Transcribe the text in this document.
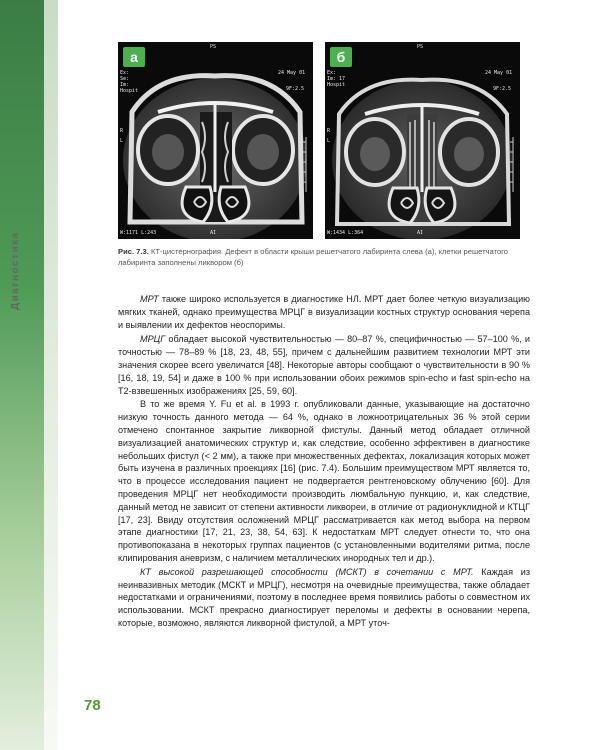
Диагностика
а
PS
Ex:
Se:
Im:
Hospit
24 May 01
9F:2.5
R
L
W:1171 L:243	AI
б
PS
Ex:
Im: 17
Hospit
24 May 01
9F:2.5
R
L
W:1434 L:364	AI
Рис. 7.3. КТ-цистернография. Дефект в области крыши решетчатого лабиринта слева (а), клетки решетчатого лабиринта заполнены ликвором (б)

МРТ также широко используется в диагностике НЛ. МРТ дает более четкую визуализацию мягких тканей, однако преимущества МРЦГ в визуализации костных структур основания черепа и выявлении их дефектов неоспоримы.

МРЦГ обладает высокой чувствительностью — 80–87 %, специфичностью — 57–100 %, и точностью — 78–89 % [18, 23, 48, 55], причем с дальнейшим развитием технологии МРТ эти значения скорее всего увеличатся [48]. Некоторые авторы сообщают о чувствительности в 90 % [16, 18, 19, 54] и даже в 100 % при использовании обоих режимов spin-echo и fast spin-echo на Т2-взвешенных изображениях [25, 59, 60].

В то же время Y. Fu et al. в 1993 г. опубликовали данные, указывающие на достаточно низкую точность данного метода — 64 %, однако в ложноотрицательных 36 % этой серии отмечено спонтанное закрытие ликворной фистулы. Данный метод обладает отличной визуализацией анатомических структур и, как следствие, особенно эффективен в диагностике небольших фистул (< 2 мм), а также при множественных дефектах, локализация которых может быть изучена в различных проекциях [16] (рис. 7.4). Большим преимуществом МРТ является то, что в процессе исследования пациент не подвергается рентгеновскому облучению [60]. Для проведения МРЦГ нет необходимости производить люмбальную пункцию, и, как следствие, данный метод не зависит от степени активности ликвореи, в отличие от радионуклидной и КТЦГ [17, 23]. Ввиду отсутствия осложнений МРЦГ рассматривается как метод выбора на первом этапе диагностики [17, 21, 23, 38, 54, 63]. К недостаткам МРТ следует отнести то, что она противопоказана в некоторых группах пациентов (с установленными водителями ритма, после клипирования аневризм, с наличием металлических инородных тел и др.).

КТ высокой разрешающей способности (МСКТ) в сочетании с МРТ. Каждая из неинвазивных методик (МСКТ и МРЦГ), несмотря на очевидные преимущества, также обладает недостатками и ограничениями, поэтому в последнее время появились работы о совместном их использовании. МСКТ прекрасно диагностирует переломы и дефекты в основании черепа, которые, возможно, являются ликворной фистулой, а МРТ уточ-

78
